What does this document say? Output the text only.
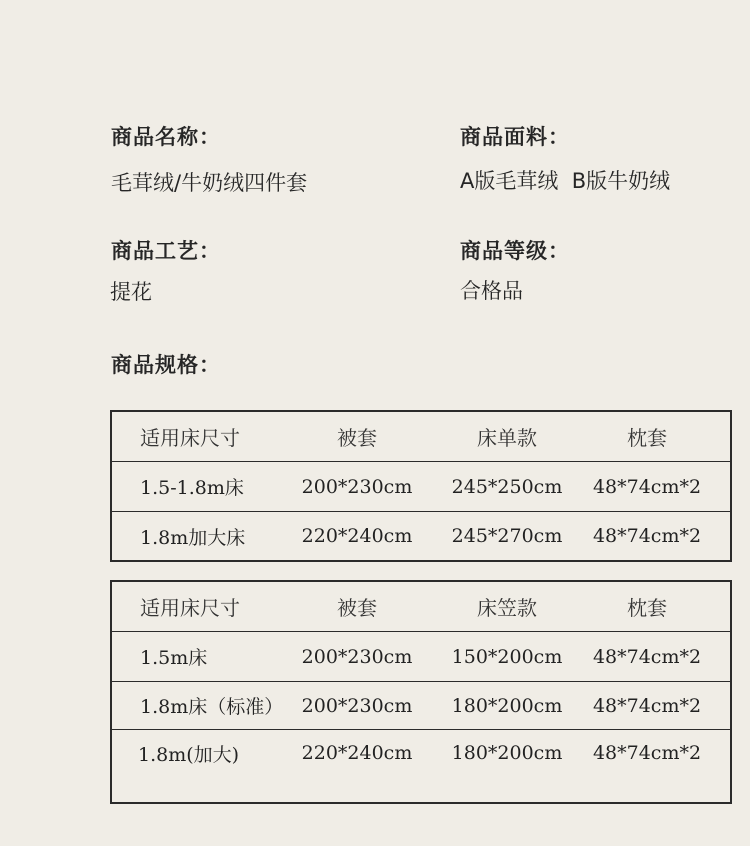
商品名称：
毛茸绒/牛奶绒四件套
商品面料：
A版毛茸绒  B版牛奶绒
商品工艺：
提花
商品等级：
合格品
商品规格：
适用床尺寸	被套	床单款	枕套
1.5-1.8m床	200*230cm 245*250cm 48*74cm*2
1.8m加大床	220*240cm 245*270cm 48*74cm*2
适用床尺寸	被套	床笠款	枕套
1.5m床	200*230cm 150*200cm 48*74cm*2
1.8m床（标准） 200*230cm 180*200cm 48*74cm*2
1.8m(加大)	220*240cm 180*200cm 48*74cm*2
